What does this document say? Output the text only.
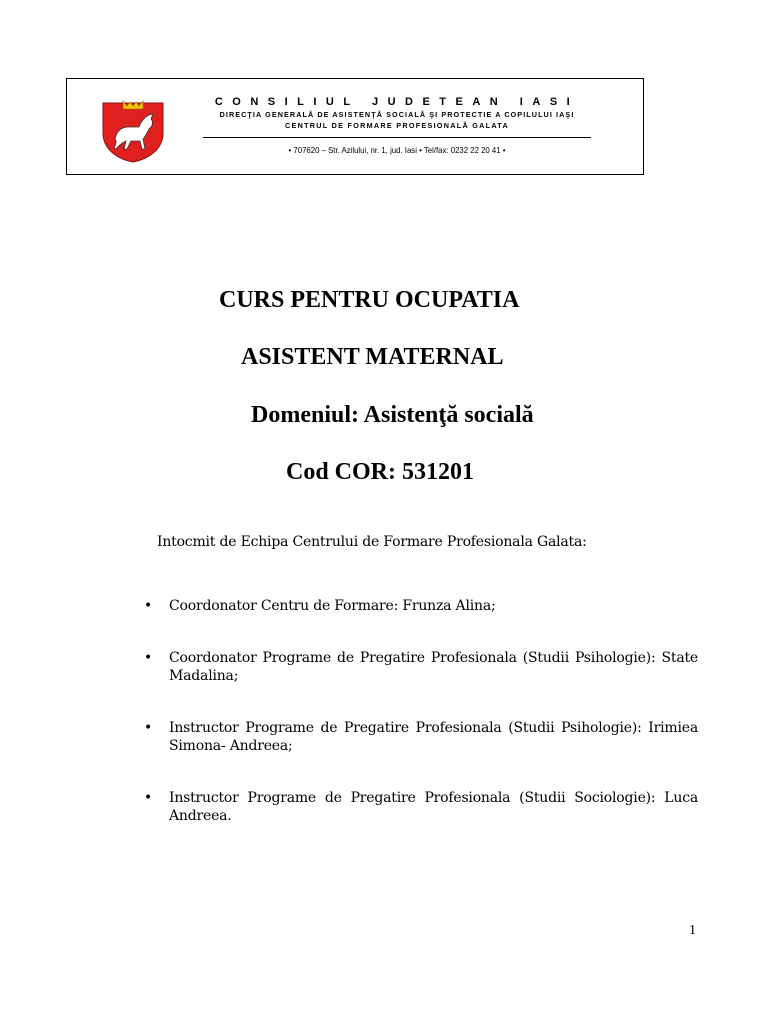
CONSILIUL JUDETEAN IASI
DIRECŢIA GENERALĂ DE ASISTENŢĂ SOCIALĂ ŞI PROTECTIE A COPILULUI IAŞI
CENTRUL DE FORMARE PROFESIONALĂ GALATA
• 707620 – Str. Azilului, nr. 1, jud. Iasi • Tel/fax: 0232 22 20 41 •
CURS PENTRU OCUPATIA
ASISTENT MATERNAL
Domeniul: Asistenţă socială
Cod COR: 531201
Intocmit de Echipa Centrului de Formare Profesionala Galata:
• Coordonator Centru de Formare: Frunza Alina;
• Coordonator Programe de Pregatire Profesionala (Studii Psihologie): State Madalina;
• Instructor Programe de Pregatire Profesionala (Studii Psihologie): Irimiea Simona- Andreea;
• Instructor Programe de Pregatire Profesionala (Studii Sociologie): Luca Andreea.
1
